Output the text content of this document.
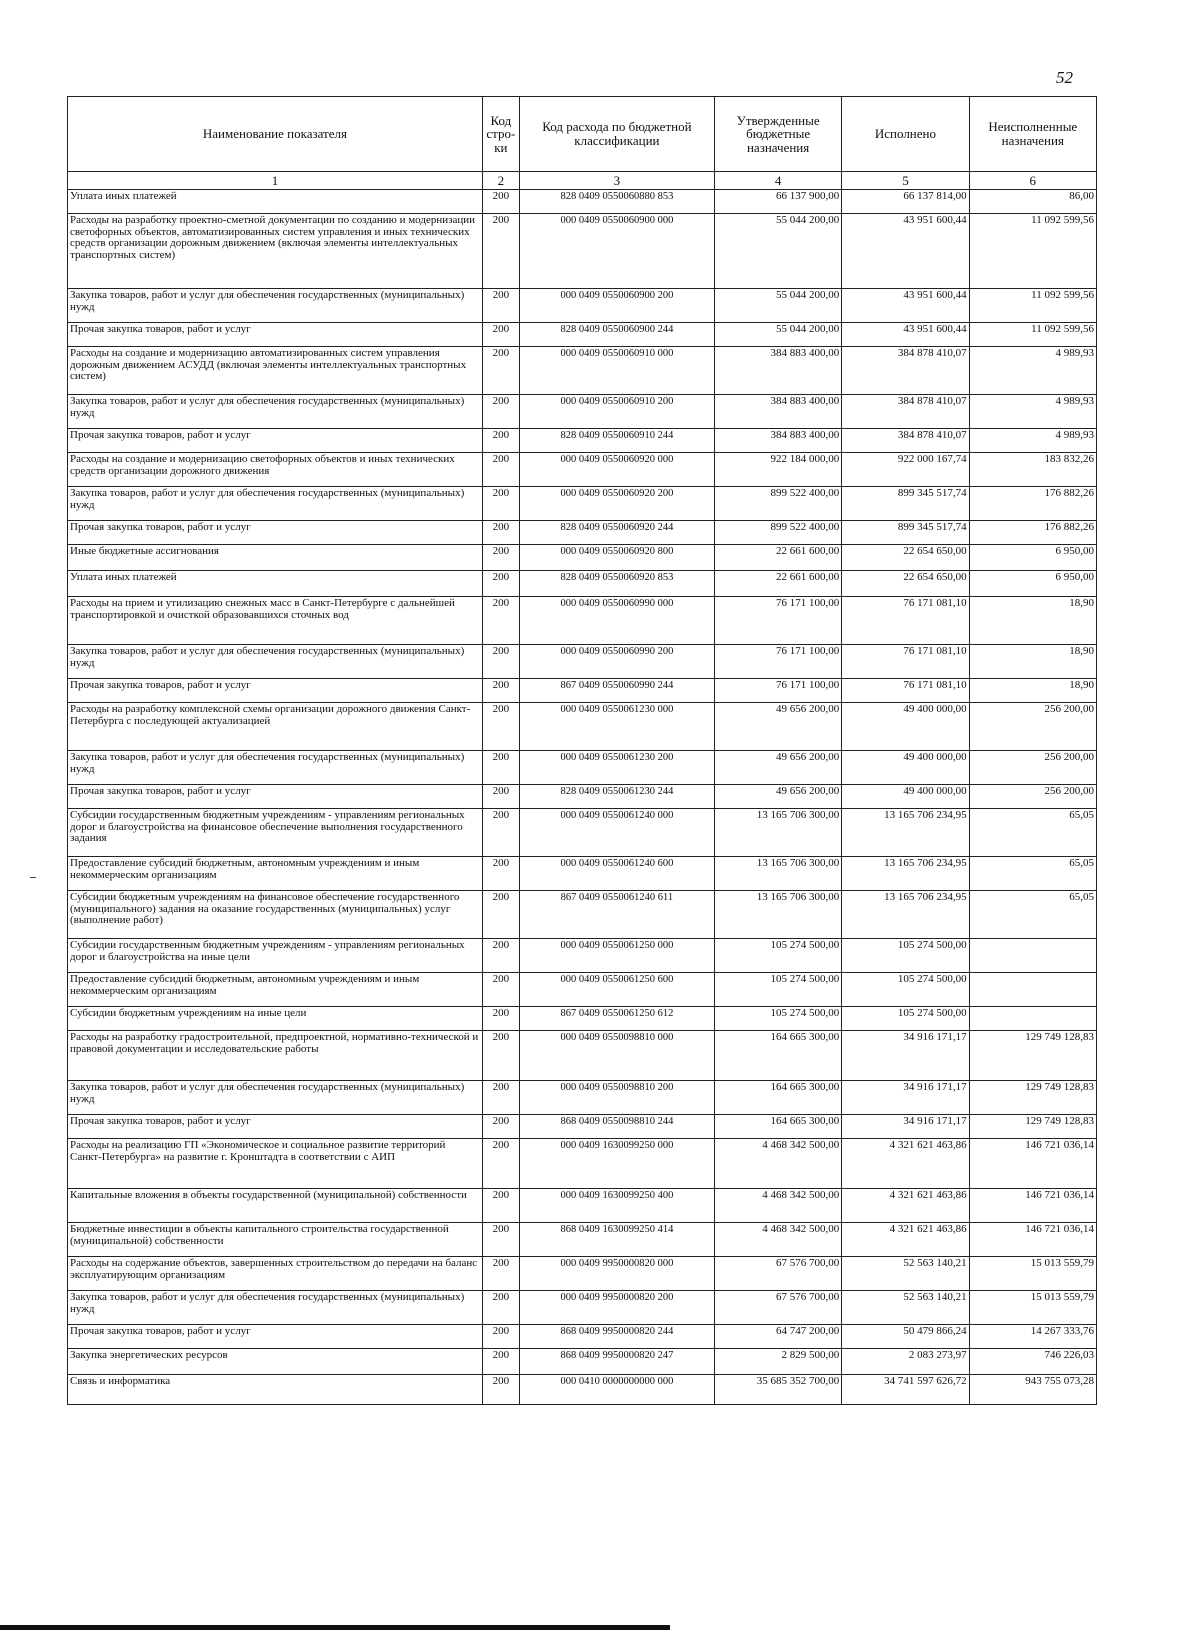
52
Наименование показателя	Код стро-ки	Код расхода по бюджетной классификации	Утвержденные бюджетные назначения	Исполнено	Неисполненные назначения
1	2	3	4	5	6
Уплата иных платежей	200	828 0409 0550060880 853	66 137 900,00	66 137 814,00	86,00
Расходы на разработку проектно-сметной документации по созданию и модернизации светофорных объектов, автоматизированных систем управления и иных технических средств организации дорожным движением (включая элементы интеллектуальных транспортных систем)	200	000 0409 0550060900 000	55 044 200,00	43 951 600,44	11 092 599,56
Закупка товаров, работ и услуг для обеспечения государственных (муниципальных) нужд	200	000 0409 0550060900 200	55 044 200,00	43 951 600,44	11 092 599,56
Прочая закупка товаров, работ и услуг	200	828 0409 0550060900 244	55 044 200,00	43 951 600,44	11 092 599,56
Расходы на создание и модернизацию автоматизированных систем управления дорожным движением АСУДД (включая элементы интеллектуальных транспортных систем)	200	000 0409 0550060910 000	384 883 400,00	384 878 410,07	4 989,93
Закупка товаров, работ и услуг для обеспечения государственных (муниципальных) нужд	200	000 0409 0550060910 200	384 883 400,00	384 878 410,07	4 989,93
Прочая закупка товаров, работ и услуг	200	828 0409 0550060910 244	384 883 400,00	384 878 410,07	4 989,93
Расходы на создание и модернизацию светофорных объектов и иных технических средств организации дорожного движения	200	000 0409 0550060920 000	922 184 000,00	922 000 167,74	183 832,26
Закупка товаров, работ и услуг для обеспечения государственных (муниципальных) нужд	200	000 0409 0550060920 200	899 522 400,00	899 345 517,74	176 882,26
Прочая закупка товаров, работ и услуг	200	828 0409 0550060920 244	899 522 400,00	899 345 517,74	176 882,26
Иные бюджетные ассигнования	200	000 0409 0550060920 800	22 661 600,00	22 654 650,00	6 950,00
Уплата иных платежей	200	828 0409 0550060920 853	22 661 600,00	22 654 650,00	6 950,00
Расходы на прием и утилизацию снежных масс в Санкт-Петербурге с дальнейшей транспортировкой и очисткой образовавшихся сточных вод	200	000 0409 0550060990 000	76 171 100,00	76 171 081,10	18,90
Закупка товаров, работ и услуг для обеспечения государственных (муниципальных) нужд	200	000 0409 0550060990 200	76 171 100,00	76 171 081,10	18,90
Прочая закупка товаров, работ и услуг	200	867 0409 0550060990 244	76 171 100,00	76 171 081,10	18,90
Расходы на разработку комплексной схемы организации дорожного движения Санкт-Петербурга с последующей актуализацией	200	000 0409 0550061230 000	49 656 200,00	49 400 000,00	256 200,00
Закупка товаров, работ и услуг для обеспечения государственных (муниципальных) нужд	200	000 0409 0550061230 200	49 656 200,00	49 400 000,00	256 200,00
Прочая закупка товаров, работ и услуг	200	828 0409 0550061230 244	49 656 200,00	49 400 000,00	256 200,00
Субсидии государственным бюджетным учреждениям - управлениям региональных дорог и благоустройства на финансовое обеспечение выполнения государственного задания	200	000 0409 0550061240 000	13 165 706 300,00	13 165 706 234,95	65,05
Предоставление субсидий бюджетным, автономным учреждениям и иным некоммерческим организациям	200	000 0409 0550061240 600	13 165 706 300,00	13 165 706 234,95	65,05
Субсидии бюджетным учреждениям на финансовое обеспечение государственного (муниципального) задания на оказание государственных (муниципальных) услуг (выполнение работ)	200	867 0409 0550061240 611	13 165 706 300,00	13 165 706 234,95	65,05
Субсидии государственным бюджетным учреждениям - управлениям региональных дорог и благоустройства на иные цели	200	000 0409 0550061250 000	105 274 500,00	105 274 500,00	
Предоставление субсидий бюджетным, автономным учреждениям и иным некоммерческим организациям	200	000 0409 0550061250 600	105 274 500,00	105 274 500,00	
Субсидии бюджетным учреждениям на иные цели	200	867 0409 0550061250 612	105 274 500,00	105 274 500,00	
Расходы на разработку градостроительной, предпроектной, нормативно-технической и правовой документации и исследовательские работы	200	000 0409 0550098810 000	164 665 300,00	34 916 171,17	129 749 128,83
Закупка товаров, работ и услуг для обеспечения государственных (муниципальных) нужд	200	000 0409 0550098810 200	164 665 300,00	34 916 171,17	129 749 128,83
Прочая закупка товаров, работ и услуг	200	868 0409 0550098810 244	164 665 300,00	34 916 171,17	129 749 128,83
Расходы на реализацию ГП «Экономическое и социальное развитие территорий Санкт-Петербурга» на развитие г. Кронштадта в соответствии с АИП	200	000 0409 1630099250 000	4 468 342 500,00	4 321 621 463,86	146 721 036,14
Капитальные вложения в объекты государственной (муниципальной) собственности	200	000 0409 1630099250 400	4 468 342 500,00	4 321 621 463,86	146 721 036,14
Бюджетные инвестиции в объекты капитального строительства государственной (муниципальной) собственности	200	868 0409 1630099250 414	4 468 342 500,00	4 321 621 463,86	146 721 036,14
Расходы на содержание объектов, завершенных строительством до передачи на баланс эксплуатирующим организациям	200	000 0409 9950000820 000	67 576 700,00	52 563 140,21	15 013 559,79
Закупка товаров, работ и услуг для обеспечения государственных (муниципальных) нужд	200	000 0409 9950000820 200	67 576 700,00	52 563 140,21	15 013 559,79
Прочая закупка товаров, работ и услуг	200	868 0409 9950000820 244	64 747 200,00	50 479 866,24	14 267 333,76
Закупка энергетических ресурсов	200	868 0409 9950000820 247	2 829 500,00	2 083 273,97	746 226,03
Связь и информатика	200	000 0410 0000000000 000	35 685 352 700,00	34 741 597 626,72	943 755 073,28
